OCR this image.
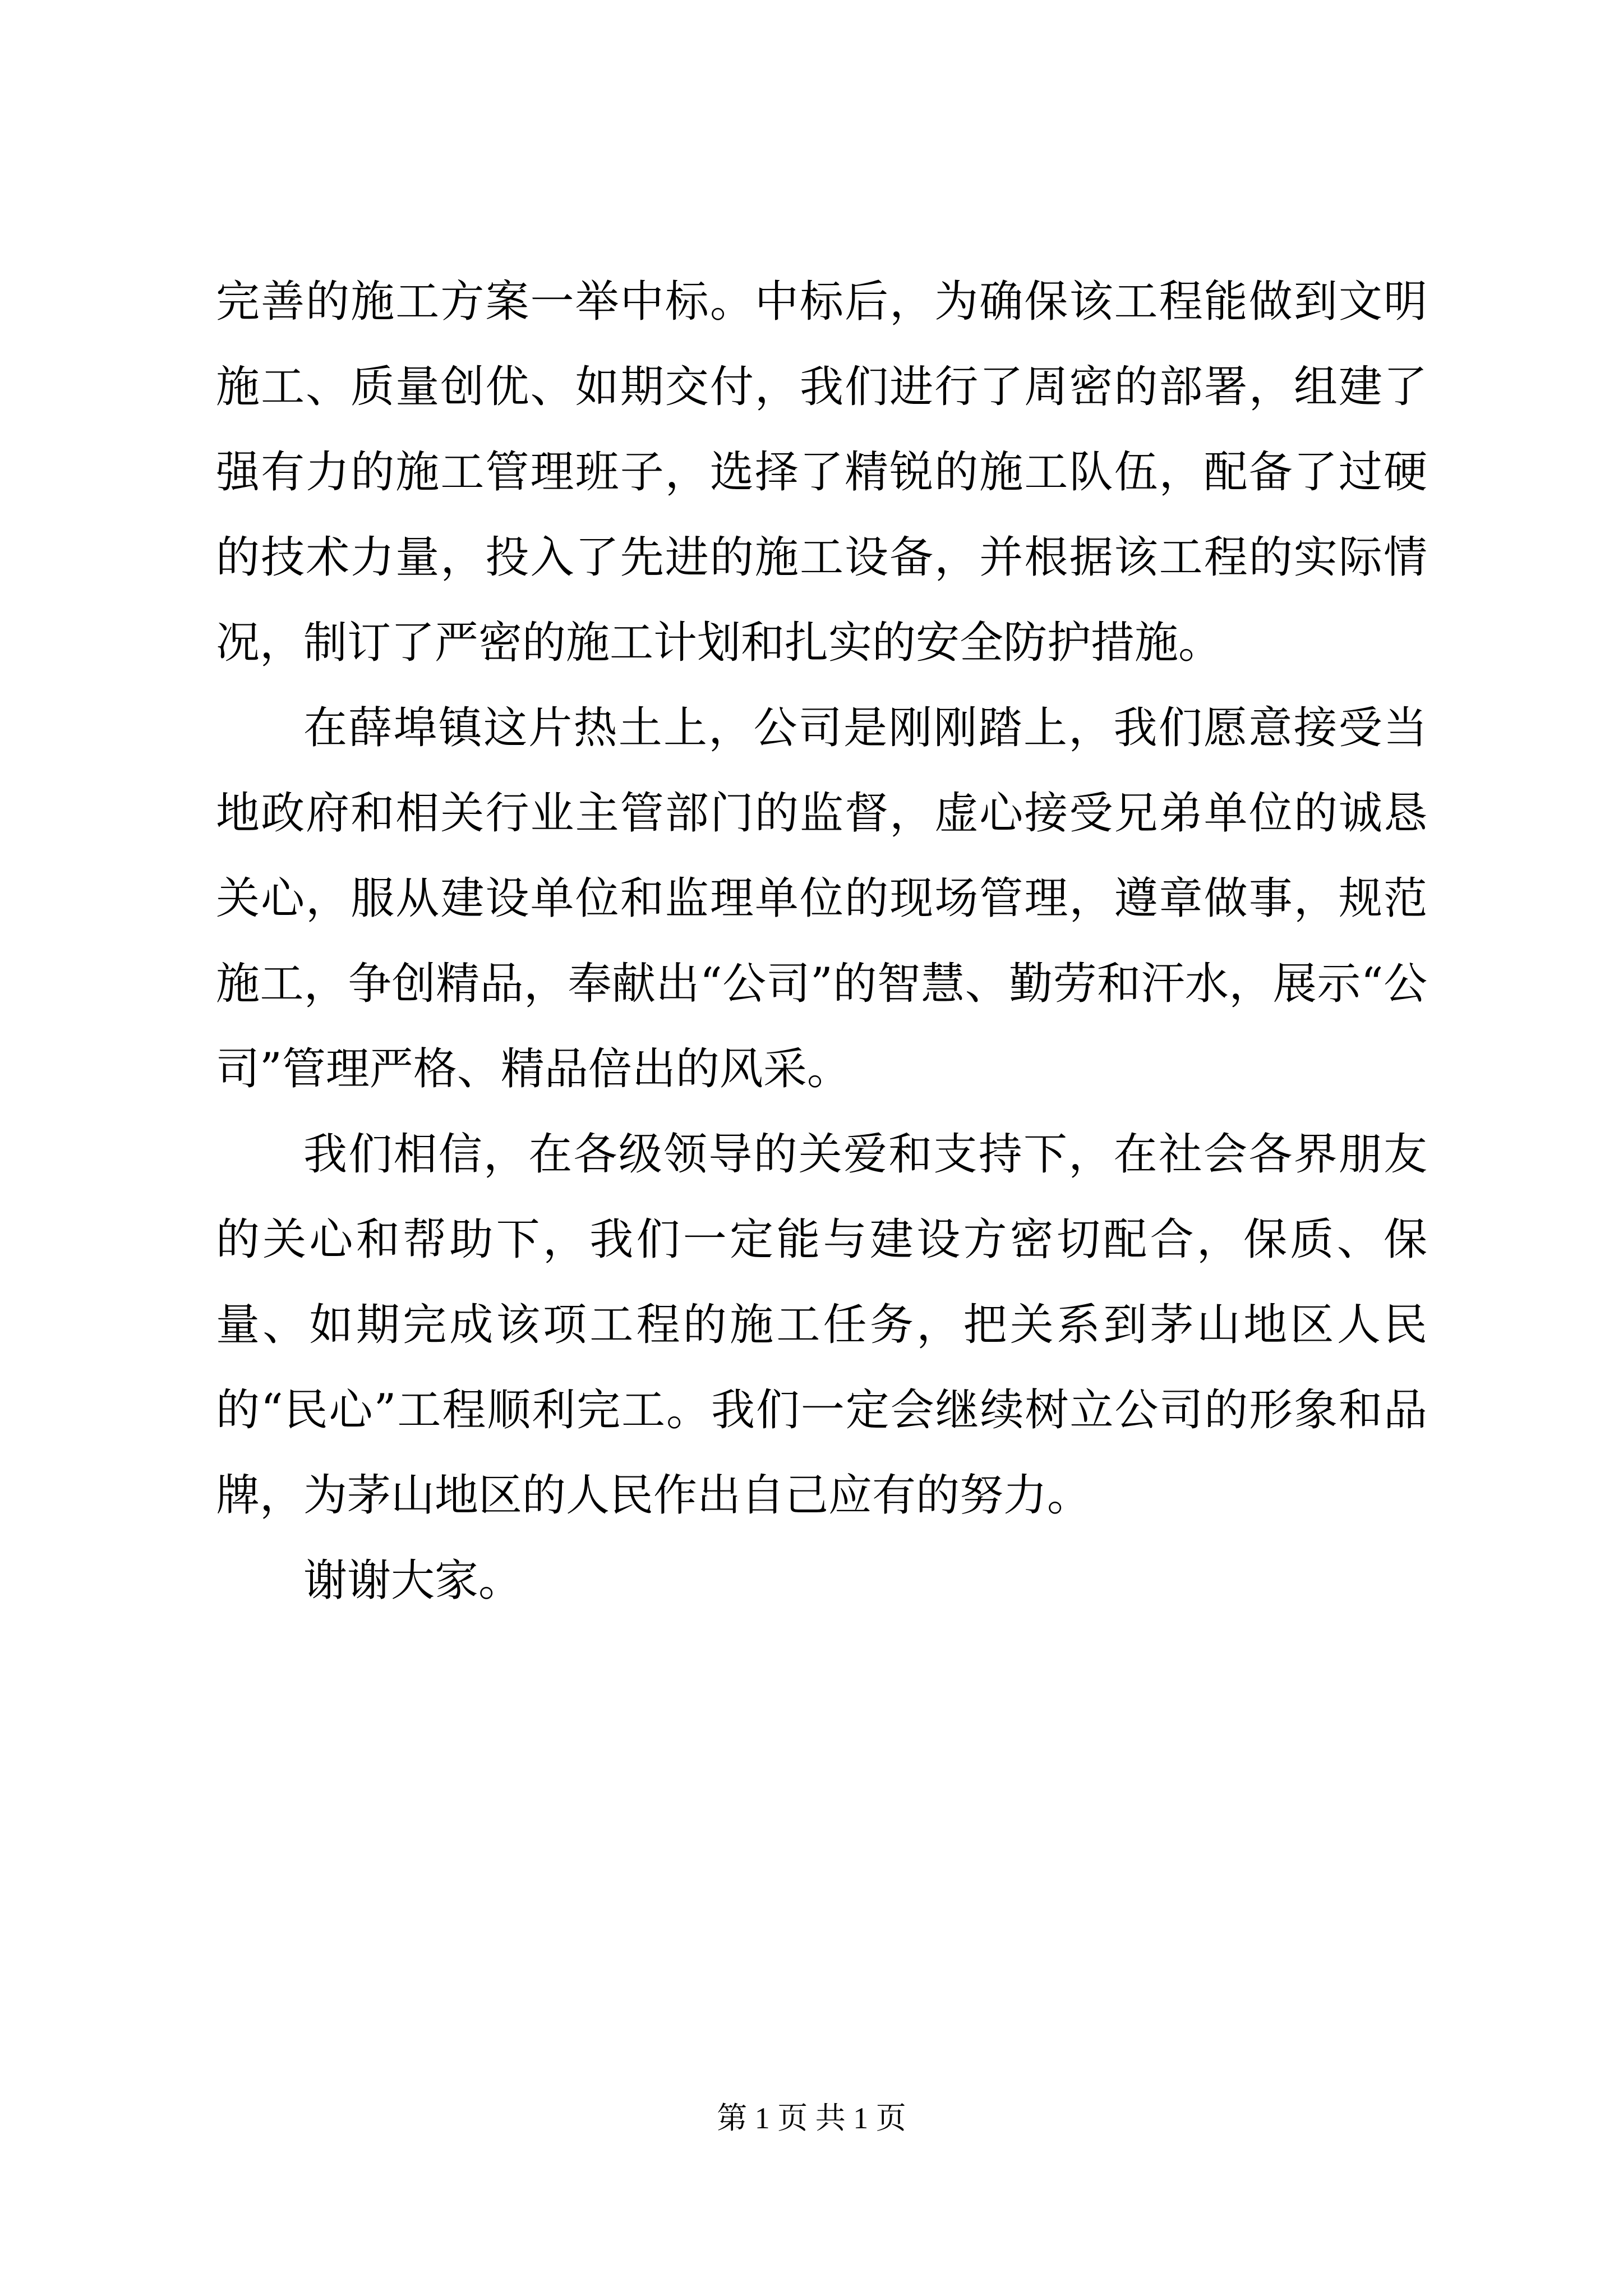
完善的施工方案一举中标。中标后，为确保该工程能做到文明施工、质量创优、如期交付，我们进行了周密的部署，组建了强有力的施工管理班子，选择了精锐的施工队伍，配备了过硬的技术力量，投入了先进的施工设备，并根据该工程的实际情况，制订了严密的施工计划和扎实的安全防护措施。

在薛埠镇这片热土上，公司是刚刚踏上，我们愿意接受当地政府和相关行业主管部门的监督，虚心接受兄弟单位的诚恳关心，服从建设单位和监理单位的现场管理，遵章做事，规范施工，争创精品，奉献出“公司”的智慧、勤劳和汗水，展示“公司”管理严格、精品倍出的风采。

我们相信，在各级领导的关爱和支持下，在社会各界朋友的关心和帮助下，我们一定能与建设方密切配合，保质、保量、如期完成该项工程的施工任务，把关系到茅山地区人民的“民心”工程顺利完工。我们一定会继续树立公司的形象和品牌，为茅山地区的人民作出自己应有的努力。

谢谢大家。

第 1 页 共 1 页
